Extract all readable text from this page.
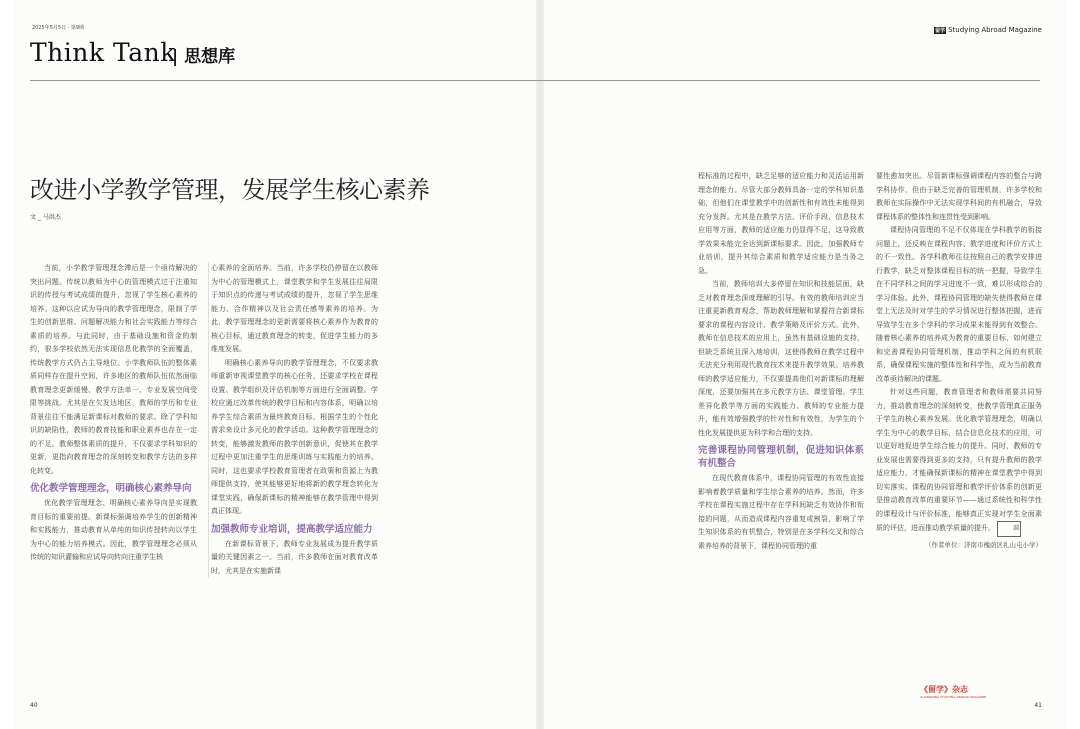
2025年5月5日 · 第9期
Think Tank
| 思想库
留学 Studying Abroad Magazine
改进小学教学管理，发展学生核心素养
文 _ 马洪杰

当前，小学教学管理理念滞后是一个亟待解决的突出问题。传统以教师为中心的管理模式过于注重知识的传授与考试成绩的提升，忽视了学生核心素养的培养。这种以应试为导向的教学管理理念，限制了学生的创新思维、问题解决能力和社会实践能力等综合素质的培养。与此同时，由于基础设施和资金的制约，很多学校依然无法实现信息化教学的全面覆盖，传统教学方式仍占主导地位。小学教师队伍的整体素质同样存在提升空间，许多地区的教师队伍依然面临教育理念更新缓慢、教学方法单一、专业发展空间受限等挑战。尤其是在欠发达地区，教师的学历和专业背景往往不能满足新课标对教师的要求。除了学科知识的缺陷性，教师的教育技能和职业素养也存在一定的不足。教师整体素质的提升，不仅要求学科知识的更新，更指向教育理念的深刻转变和教学方法的多样化转变。

优化教学管理理念，明确核心素养导向

优化教学管理理念、明确核心素养导向是实现教育目标的重要前提。新课标强调培养学生的创新精神和实践能力，推动教育从单纯的知识传授转向以学生为中心的能力培养模式。因此，教学管理理念必须从传统的知识灌输和应试导向转向注重学生核

心素养的全面培养。当前，许多学校仍停留在以教师为中心的管理模式上，课堂教学和学生发展往往局限于知识点的传递与考试成绩的提升，忽视了学生思维能力、合作精神以及社会责任感等素养的培养。为此，教学管理理念的更新需要将核心素养作为教育的核心目标，通过教育理念的转变，促进学生能力的多维度发展。

明确核心素养导向的教学管理理念，不仅要求教师重新审视课堂教学的核心任务，还要求学校在课程设置、教学组织及评估机制等方面进行全面调整。学校应通过改革传统的教学目标和内容体系，明确以培养学生综合素质为最终教育目标，根据学生的个性化需求来设计多元化的教学活动。这种教学管理理念的转变，能够激发教师的教学创新意识，促使其在教学过程中更加注重学生的思维训练与实践能力的培养。同时，这也要求学校教育管理者在政策和资源上为教师提供支持，使其能够更好地将新的教学理念转化为课堂实践，确保新课标的精神能够在教学管理中得到真正体现。

加强教师专业培训，提高教学适应能力

在新课标背景下，教师专业发展成为提升教学质量的关键因素之一。当前，许多教师在面对教育改革时，尤其是在实施新课

程标准的过程中，缺乏足够的适应能力和灵活运用新理念的能力。尽管大部分教师具备一定的学科知识基础，但他们在课堂教学中的创新性和有效性未能得到充分发挥。尤其是在教学方法、评价手段、信息技术应用等方面，教师的适应能力仍显得不足，这导致教学效果未能完全达到新课标要求。因此，加强教师专业培训，提升其综合素质和教学适应能力是当务之急。

当前，教师培训大多停留在知识和技能层面，缺乏对教育理念深度理解的引导。有效的教师培训应当注重更新教育观念，帮助教师理解和掌握符合新课标要求的课程内容设计、教学策略及评价方式。此外，教师在信息技术的应用上，虽然有基础设施的支持，但缺乏系统且深入地培训，这使得教师在教学过程中无法充分利用现代教育技术来提升教学效果。培养教师的教学适应能力，不仅要提高他们对新课标的理解深度，还要加强其在多元教学方法、课堂管理、学生差异化教学等方面的实践能力。教师的专业能力提升，能有效增强教学的针对性和有效性，为学生的个性化发展提供更为科学和合理的支持。

完善课程协同管理机制，促进知识体系有机整合

在现代教育体系中，课程协同管理的有效性直接影响着教学质量和学生综合素养的培养。然而，许多学校在课程实施过程中存在学科间缺乏有效协作和衔接的问题，从而造成课程内容重复或割裂，影响了学生知识体系的有机整合，特别是在多学科交叉和综合素养培养的背景下，课程协同管理的重

要性愈加突出。尽管新课标强调课程内容的整合与跨学科协作，但由于缺乏完善的管理机制，许多学校和教师在实际操作中无法实现学科间的有机融合，导致课程体系的整体性和连贯性受到影响。

课程协同管理的不足不仅体现在学科教学的衔接问题上，还反映在课程内容、教学进度和评价方式上的不一致性。各学科教师往往按照自己的教学安排进行教学，缺乏对整体课程目标的统一把握，导致学生在不同学科之间的学习进度不一致，难以形成综合的学习体验。此外，课程协同管理的缺失使得教师在课堂上无法及时对学生的学习情况进行整体把握，进而导致学生在多个学科的学习成果未能得到有效整合。随着核心素养的培养成为教育的重要目标，如何建立和完善课程协同管理机制，推动学科之间的有机联系，确保课程实施的整体性和科学性，成为当前教育改革亟待解决的课题。

针对这些问题，教育管理者和教师需要共同努力，推动教育理念的深刻转变，使教学管理真正服务于学生的核心素养发展。优化教学管理理念，明确以学生为中心的教学目标，结合信息化技术的应用，可以更好地促进学生综合能力的提升。同时，教师的专业发展也需要得到更多的支持，只有提升教师的教学适应能力，才能确保新课标的精神在课堂教学中得到切实落实。课程的协同管理和教学评价体系的创新更是推动教育改革的重要环节——通过系统性和科学性的课程设计与评价标准，能够真正实现对学生全面素质的评估，进而推动教学质量的提升。	圆

（作者单位：济南市槐荫区礼山屯小学）
《留学》杂志
GUANGMING STUDYING ABROAD MAGAZINE
40	41
